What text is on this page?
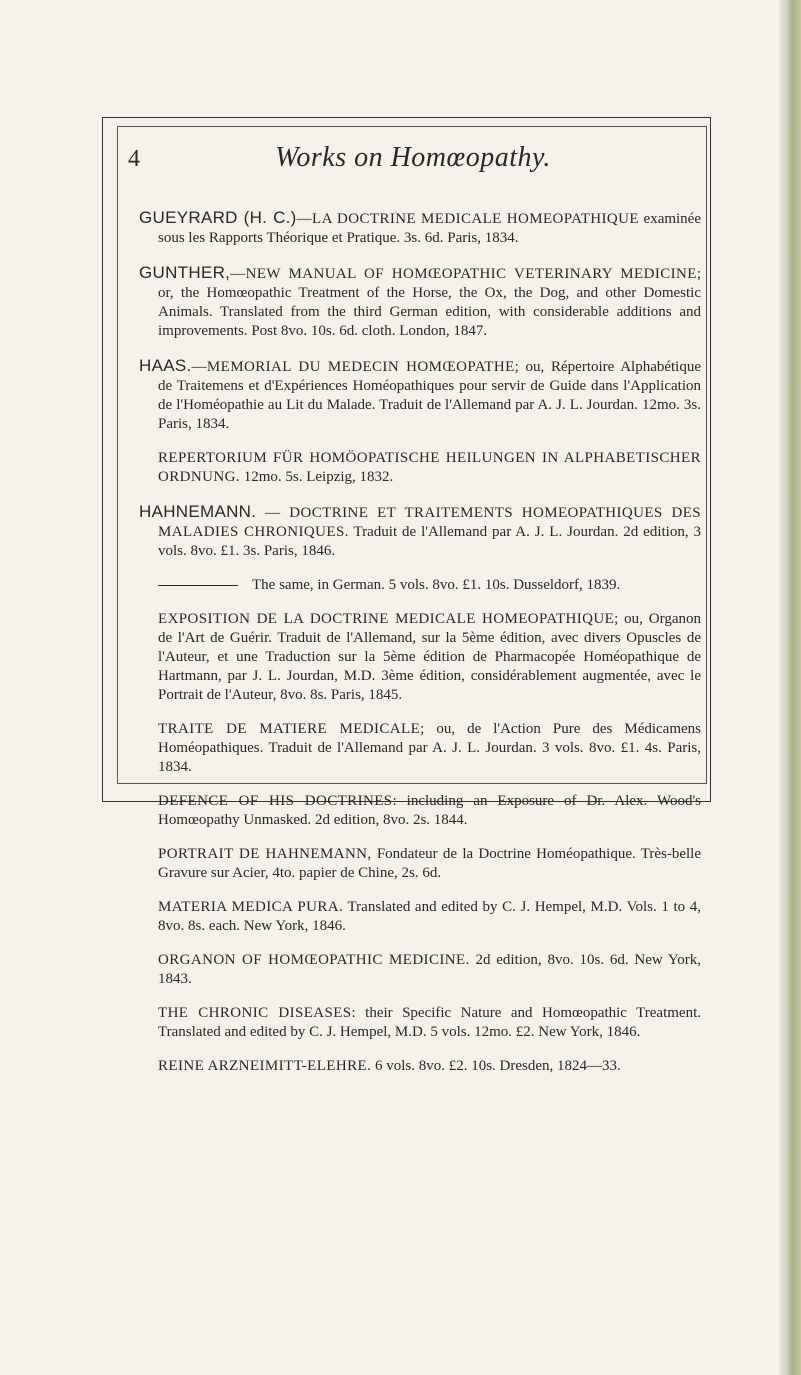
4	Works on Homœopathy.

GUEYRARD (H. C.)—LA DOCTRINE MEDICALE HOMEOPATHIQUE examinée sous les Rapports Théorique et Pratique. 3s. 6d. Paris, 1834.

GUNTHER,—NEW MANUAL OF HOMŒOPATHIC VETERINARY MEDICINE; or, the Homœopathic Treatment of the Horse, the Ox, the Dog, and other Domestic Animals. Translated from the third German edition, with considerable additions and improvements. Post 8vo. 10s. 6d. cloth. London, 1847.

HAAS.—MEMORIAL DU MEDECIN HOMŒOPATHE; ou, Répertoire Alphabétique de Traitemens et d'Expériences Homéopathiques pour servir de Guide dans l'Application de l'Homéopathie au Lit du Malade. Traduit de l'Allemand par A. J. L. Jourdan. 12mo. 3s. Paris, 1834.

REPERTORIUM FÜR HOMÖOPATISCHE HEILUNGEN IN ALPHABETISCHER ORDNUNG. 12mo. 5s. Leipzig, 1832.

HAHNEMANN. — DOCTRINE ET TRAITEMENTS HOMEOPATHIQUES DES MALADIES CHRONIQUES. Traduit de l'Allemand par A. J. L. Jourdan. 2d edition, 3 vols. 8vo. £1. 3s. Paris, 1846.

The same, in German. 5 vols. 8vo. £1. 10s. Dusseldorf, 1839.

EXPOSITION DE LA DOCTRINE MEDICALE HOMEOPATHIQUE; ou, Organon de l'Art de Guérir. Traduit de l'Allemand, sur la 5ème édition, avec divers Opuscles de l'Auteur, et une Traduction sur la 5ème édition de Pharmacopée Homéopathique de Hartmann, par J. L. Jourdan, M.D. 3ème édition, considérablement augmentée, avec le Portrait de l'Auteur, 8vo. 8s. Paris, 1845.

TRAITE DE MATIERE MEDICALE; ou, de l'Action Pure des Médicamens Homéopathiques. Traduit de l'Allemand par A. J. L. Jourdan. 3 vols. 8vo. £1. 4s. Paris, 1834.

DEFENCE OF HIS DOCTRINES: including an Exposure of Dr. Alex. Wood's Homœopathy Unmasked. 2d edition, 8vo. 2s. 1844.

PORTRAIT DE HAHNEMANN, Fondateur de la Doctrine Homéopathique. Très-belle Gravure sur Acier, 4to. papier de Chine, 2s. 6d.

MATERIA MEDICA PURA. Translated and edited by C. J. Hempel, M.D. Vols. 1 to 4, 8vo. 8s. each. New York, 1846.

ORGANON OF HOMŒOPATHIC MEDICINE. 2d edition, 8vo. 10s. 6d. New York, 1843.

THE CHRONIC DISEASES: their Specific Nature and Homœopathic Treatment. Translated and edited by C. J. Hempel, M.D. 5 vols. 12mo. £2. New York, 1846.

REINE ARZNEIMITT-ELEHRE. 6 vols. 8vo. £2. 10s. Dresden, 1824—33.
